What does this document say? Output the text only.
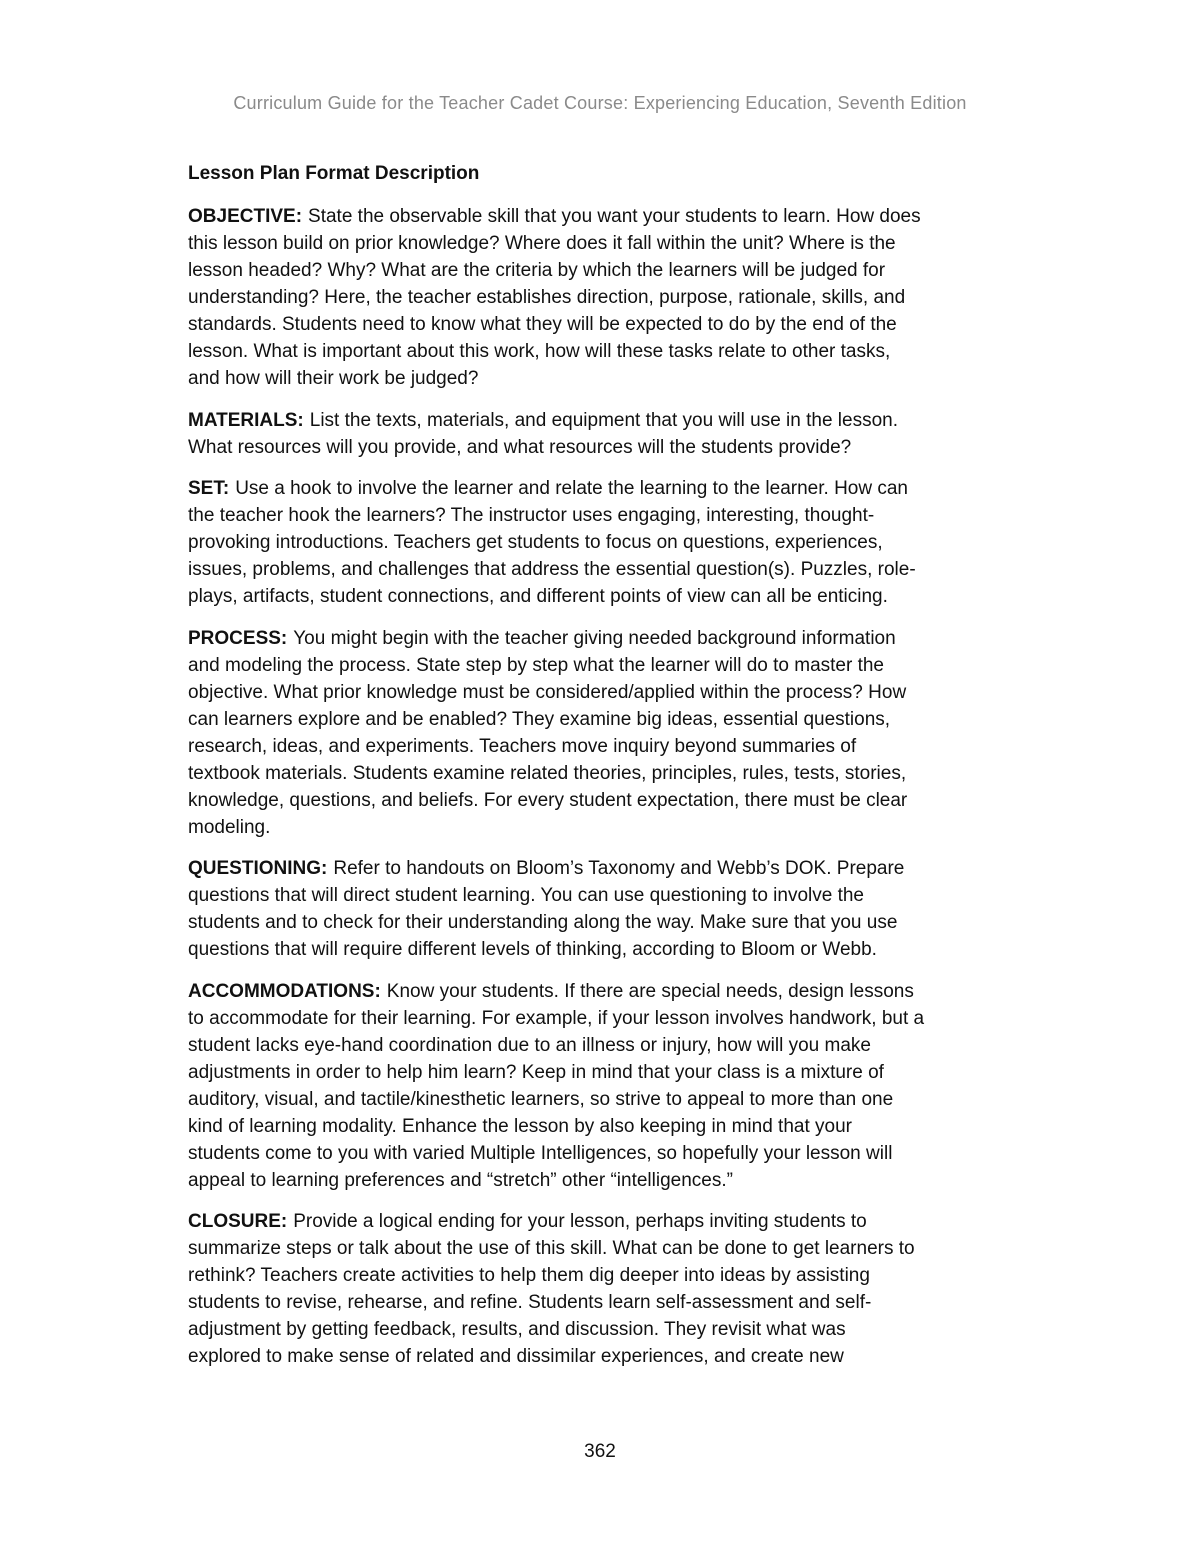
Curriculum Guide for the Teacher Cadet Course: Experiencing Education, Seventh Edition
Lesson Plan Format Description
OBJECTIVE: State the observable skill that you want your students to learn. How does
this lesson build on prior knowledge? Where does it fall within the unit? Where is the
lesson headed? Why? What are the criteria by which the learners will be judged for
understanding? Here, the teacher establishes direction, purpose, rationale, skills, and
standards. Students need to know what they will be expected to do by the end of the
lesson. What is important about this work, how will these tasks relate to other tasks,
and how will their work be judged?
MATERIALS: List the texts, materials, and equipment that you will use in the lesson.
What resources will you provide, and what resources will the students provide?
SET: Use a hook to involve the learner and relate the learning to the learner. How can
the teacher hook the learners? The instructor uses engaging, interesting, thought-
provoking introductions. Teachers get students to focus on questions, experiences,
issues, problems, and challenges that address the essential question(s). Puzzles, role-
plays, artifacts, student connections, and different points of view can all be enticing.
PROCESS: You might begin with the teacher giving needed background information
and modeling the process. State step by step what the learner will do to master the
objective. What prior knowledge must be considered/applied within the process? How
can learners explore and be enabled? They examine big ideas, essential questions,
research, ideas, and experiments. Teachers move inquiry beyond summaries of
textbook materials. Students examine related theories, principles, rules, tests, stories,
knowledge, questions, and beliefs. For every student expectation, there must be clear
modeling.
QUESTIONING: Refer to handouts on Bloom’s Taxonomy and Webb’s DOK. Prepare
questions that will direct student learning. You can use questioning to involve the
students and to check for their understanding along the way. Make sure that you use
questions that will require different levels of thinking, according to Bloom or Webb.
ACCOMMODATIONS: Know your students. If there are special needs, design lessons
to accommodate for their learning. For example, if your lesson involves handwork, but a
student lacks eye-hand coordination due to an illness or injury, how will you make
adjustments in order to help him learn? Keep in mind that your class is a mixture of
auditory, visual, and tactile/kinesthetic learners, so strive to appeal to more than one
kind of learning modality. Enhance the lesson by also keeping in mind that your
students come to you with varied Multiple Intelligences, so hopefully your lesson will
appeal to learning preferences and “stretch” other “intelligences.”
CLOSURE: Provide a logical ending for your lesson, perhaps inviting students to
summarize steps or talk about the use of this skill. What can be done to get learners to
rethink? Teachers create activities to help them dig deeper into ideas by assisting
students to revise, rehearse, and refine. Students learn self-assessment and self-
adjustment by getting feedback, results, and discussion. They revisit what was
explored to make sense of related and dissimilar experiences, and create new
362
